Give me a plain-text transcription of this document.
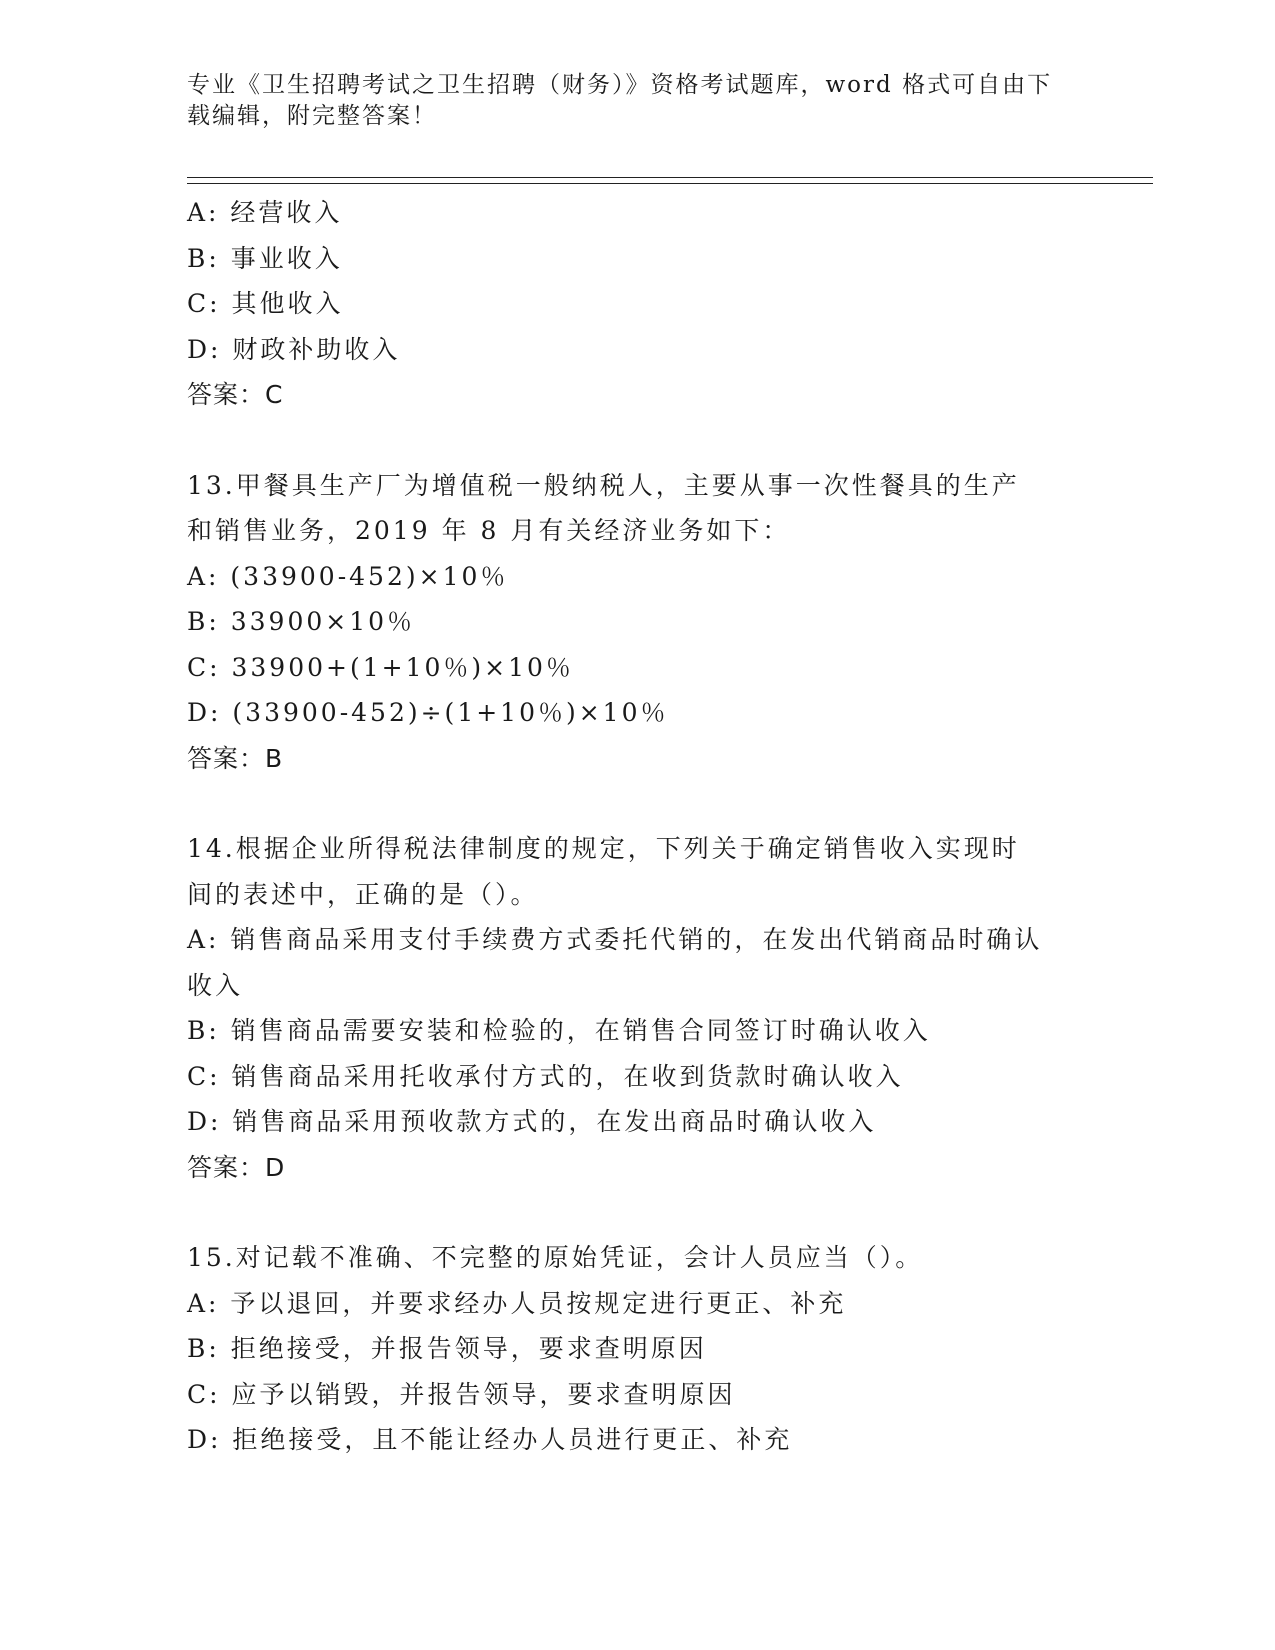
专业《卫生招聘考试之卫生招聘（财务）》资格考试题库，word 格式可自由下载编辑，附完整答案！
A: 经营收入
B: 事业收入
C: 其他收入
D: 财政补助收入
答案：C
13.甲餐具生产厂为增值税一般纳税人，主要从事一次性餐具的生产和销售业务，2019 年 8 月有关经济业务如下：
A: (33900-452)×10％
B: 33900×10％
C: 33900+(1+10％)×10％
D: (33900-452)÷(1+10％)×10％
答案：B
14.根据企业所得税法律制度的规定，下列关于确定销售收入实现时间的表述中，正确的是（）。
A: 销售商品采用支付手续费方式委托代销的，在发出代销商品时确认收入
B: 销售商品需要安装和检验的，在销售合同签订时确认收入
C: 销售商品采用托收承付方式的，在收到货款时确认收入
D: 销售商品采用预收款方式的，在发出商品时确认收入
答案：D
15.对记载不准确、不完整的原始凭证，会计人员应当（）。
A: 予以退回，并要求经办人员按规定进行更正、补充
B: 拒绝接受，并报告领导，要求查明原因
C: 应予以销毁，并报告领导，要求查明原因
D: 拒绝接受，且不能让经办人员进行更正、补充
